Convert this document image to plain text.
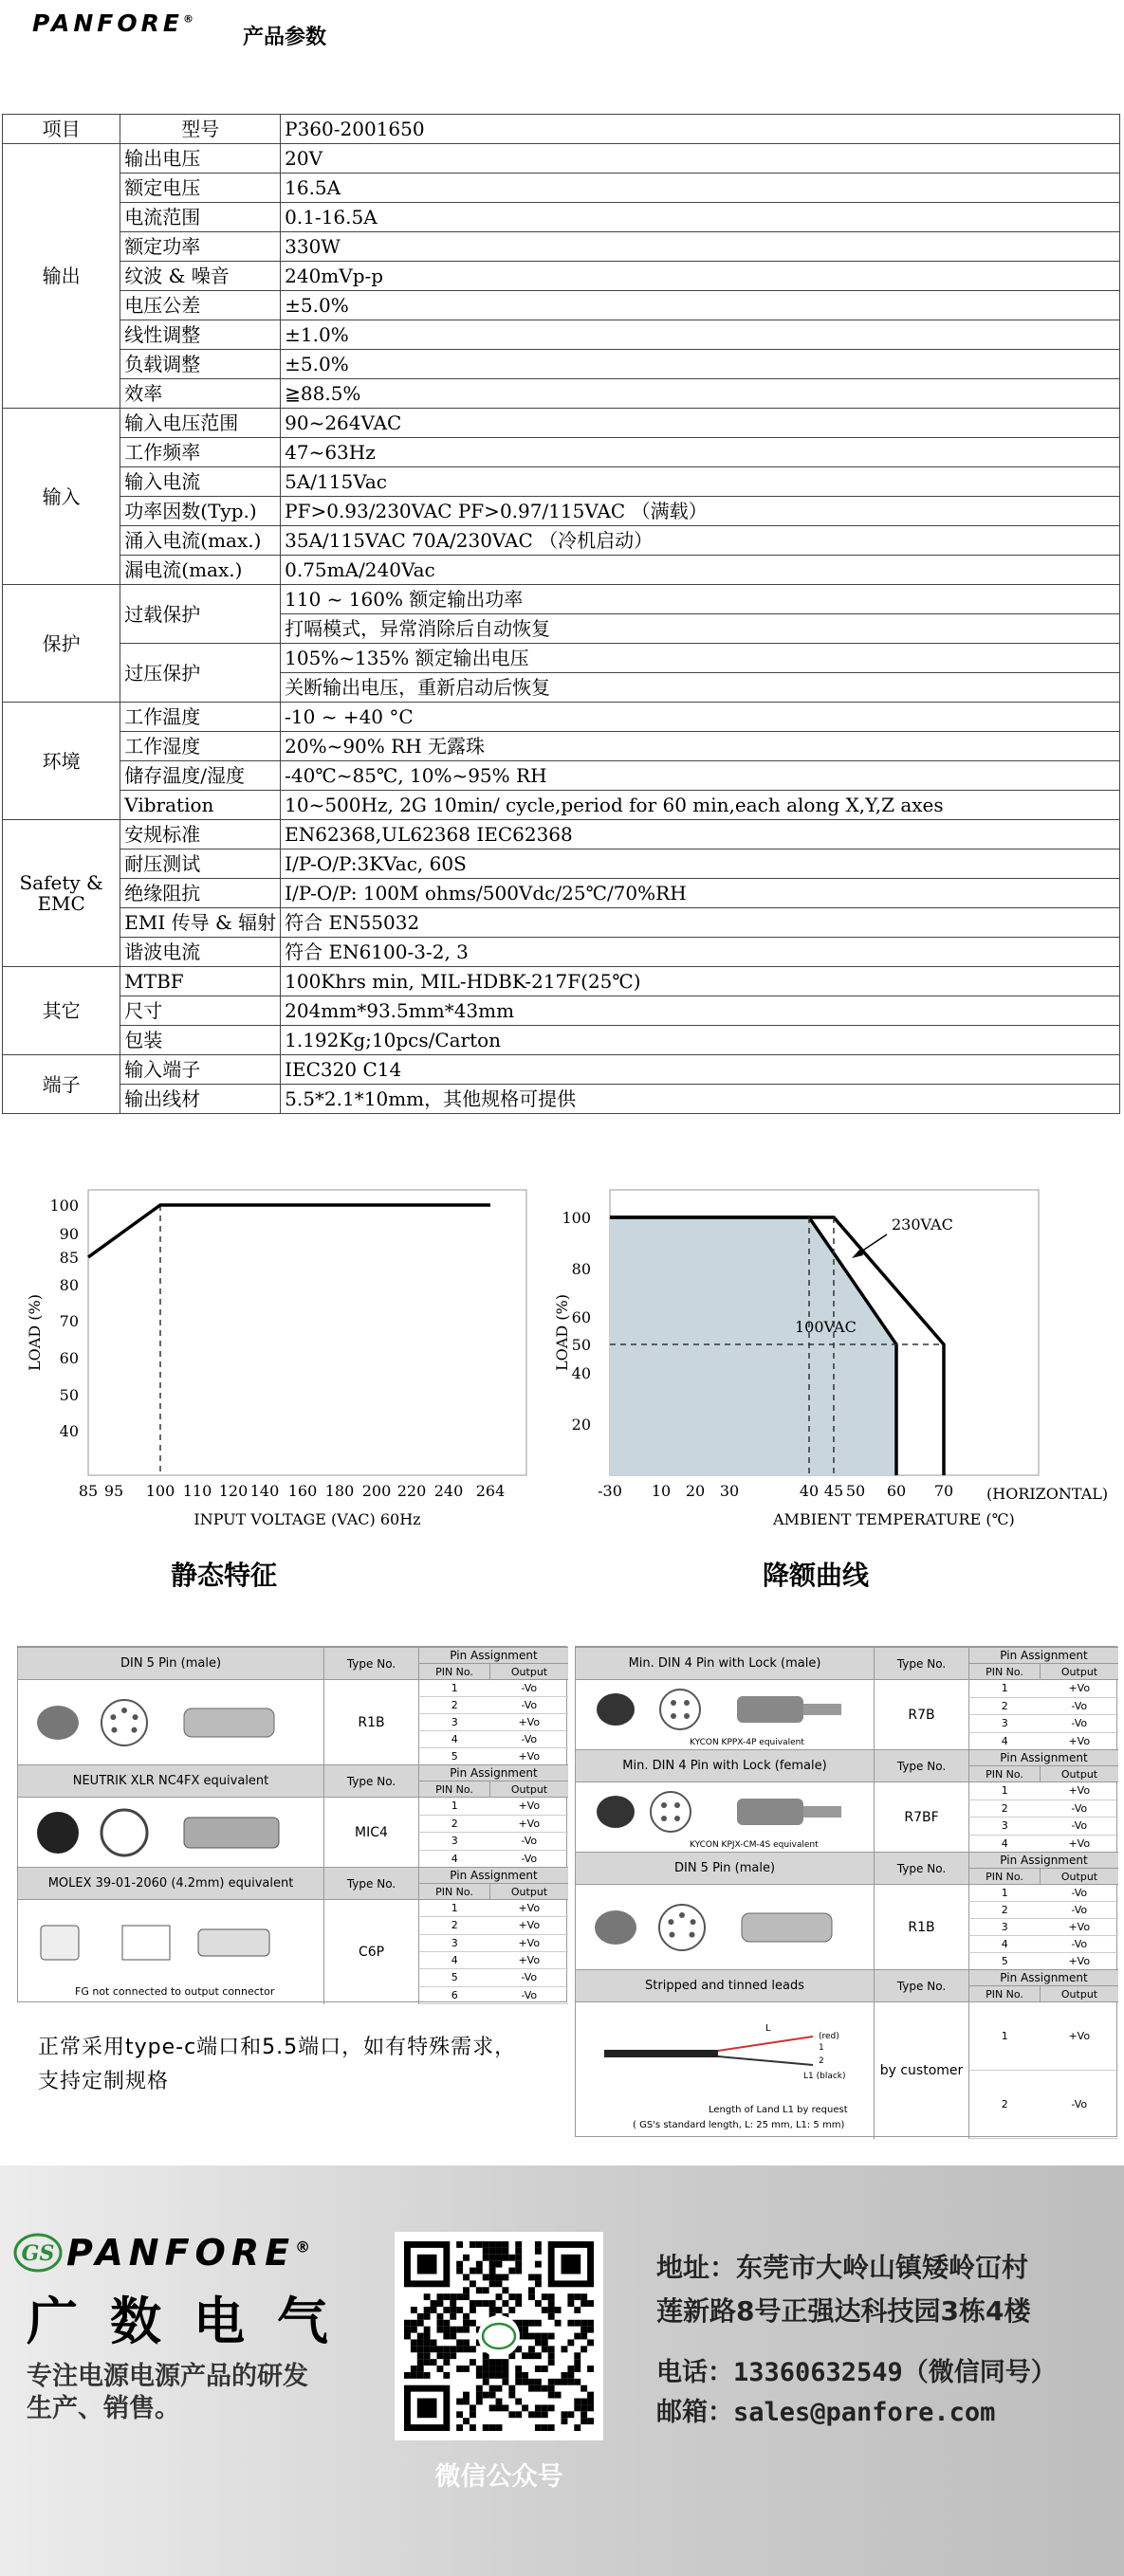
PANFORE®
产品参数
项目	型号	P360-2001650
输出	输出电压	20V
	额定电压	16.5A
	电流范围	0.1-16.5A
	额定功率	330W
	纹波 & 噪音	240mVp-p
	电压公差	±5.0%
	线性调整	±1.0%
	负载调整	±5.0%
	效率	≧88.5%
输入	输入电压范围	90~264VAC
	工作频率	47~63Hz
	输入电流	5A/115Vac
	功率因数(Typ.)	PF>0.93/230VAC PF>0.97/115VAC （满载）
	涌入电流(max.)	35A/115VAC 70A/230VAC （冷机启动）
	漏电流(max.)	0.75mA/240Vac
保护	过载保护	110 ~ 160% 额定输出功率
		打嗝模式，异常消除后自动恢复
	过压保护	105%~135% 额定输出电压
		关断输出电压，重新启动后恢复
环境	工作温度	-10 ~ +40 °C
	工作湿度	20%~90% RH 无露珠
	储存温度/湿度	-40℃~85℃, 10%~95% RH
	Vibration	10~500Hz, 2G 10min/ cycle,period for 60 min,each along X,Y,Z axes
Safety & EMC	安规标准	EN62368,UL62368 IEC62368
	耐压测试	I/P-O/P:3KVac, 60S
	绝缘阻抗	I/P-O/P: 100M ohms/500Vdc/25℃/70%RH
	EMI 传导 & 辐射	符合 EN55032
	谐波电流	符合 EN6100-3-2, 3
其它	MTBF	100Khrs min, MIL-HDBK-217F(25℃)
	尺寸	204mm*93.5mm*43mm
	包装	1.192Kg;10pcs/Carton
端子	输入端子	IEC320 C14
	输出线材	5.5*2.1*10mm，其他规格可提供
100
90
85
80
70
60
50
40
85 95 100 110 120 140 160 180 200 220 240 264
INPUT VOLTAGE (VAC) 60Hz
LOAD (%)
静态特征
100
80
60
50
40
20
-30 10 20 30	40 45 50 60 70 (HORIZONTAL)
AMBIENT TEMPERATURE (℃)
LOAD (%)	100VAC
230VAC
降额曲线
DIN 5 Pin (male)	Type No.
Pin Assignment
PIN No.	Output
R1B
1	-Vo
2	-Vo
3	+Vo
4	-Vo
5	+Vo
NEUTRIK XLR NC4FX equivalent	Type No.
Pin Assignment
PIN No.	Output
MIC4
1	+Vo
2	+Vo
3	-Vo
4	-Vo
MOLEX 39-01-2060 (4.2mm) equivalent	Type No.
Pin Assignment
PIN No.	Output
C6P
1	+Vo
2	+Vo
3	+Vo
4	+Vo
5	-Vo
6	-Vo
FG not connected to output connector
Min. DIN 4 Pin with Lock (male)	Type No.
Pin Assignment
PIN No.	Output
R7B
1	+Vo
2	-Vo
3	-Vo
4	+Vo
KYCON KPPX-4P equivalent
Min. DIN 4 Pin with Lock (female)	Type No.
Pin Assignment
PIN No.	Output
R7BF
1	+Vo
2	-Vo
3	-Vo
4	+Vo
KYCON KPJX-CM-4S equivalent
DIN 5 Pin (male)	Type No.
Pin Assignment
PIN No.	Output
R1B
1	-Vo
2	-Vo
3	+Vo
4	-Vo
5	+Vo
Stripped and tinned leads	Type No.
Pin Assignment
PIN No.	Output
by customer
1	+Vo
2	-Vo
L
(red)
1
2
L1 (black)
Length of Land L1 by request
( GS's standard length, L: 25 mm, L1: 5 mm)
正常采用type-c端口和5.5端口，如有特殊需求，
支持定制规格
GS PANFORE®
广数电气
专注电源电源产品的研发
生产、销售。
微信公众号
地址：东莞市大岭山镇矮岭冚村
莲新路8号正强达科技园3栋4楼
电话：13360632549（微信同号）
邮箱：sales@panfore.com
